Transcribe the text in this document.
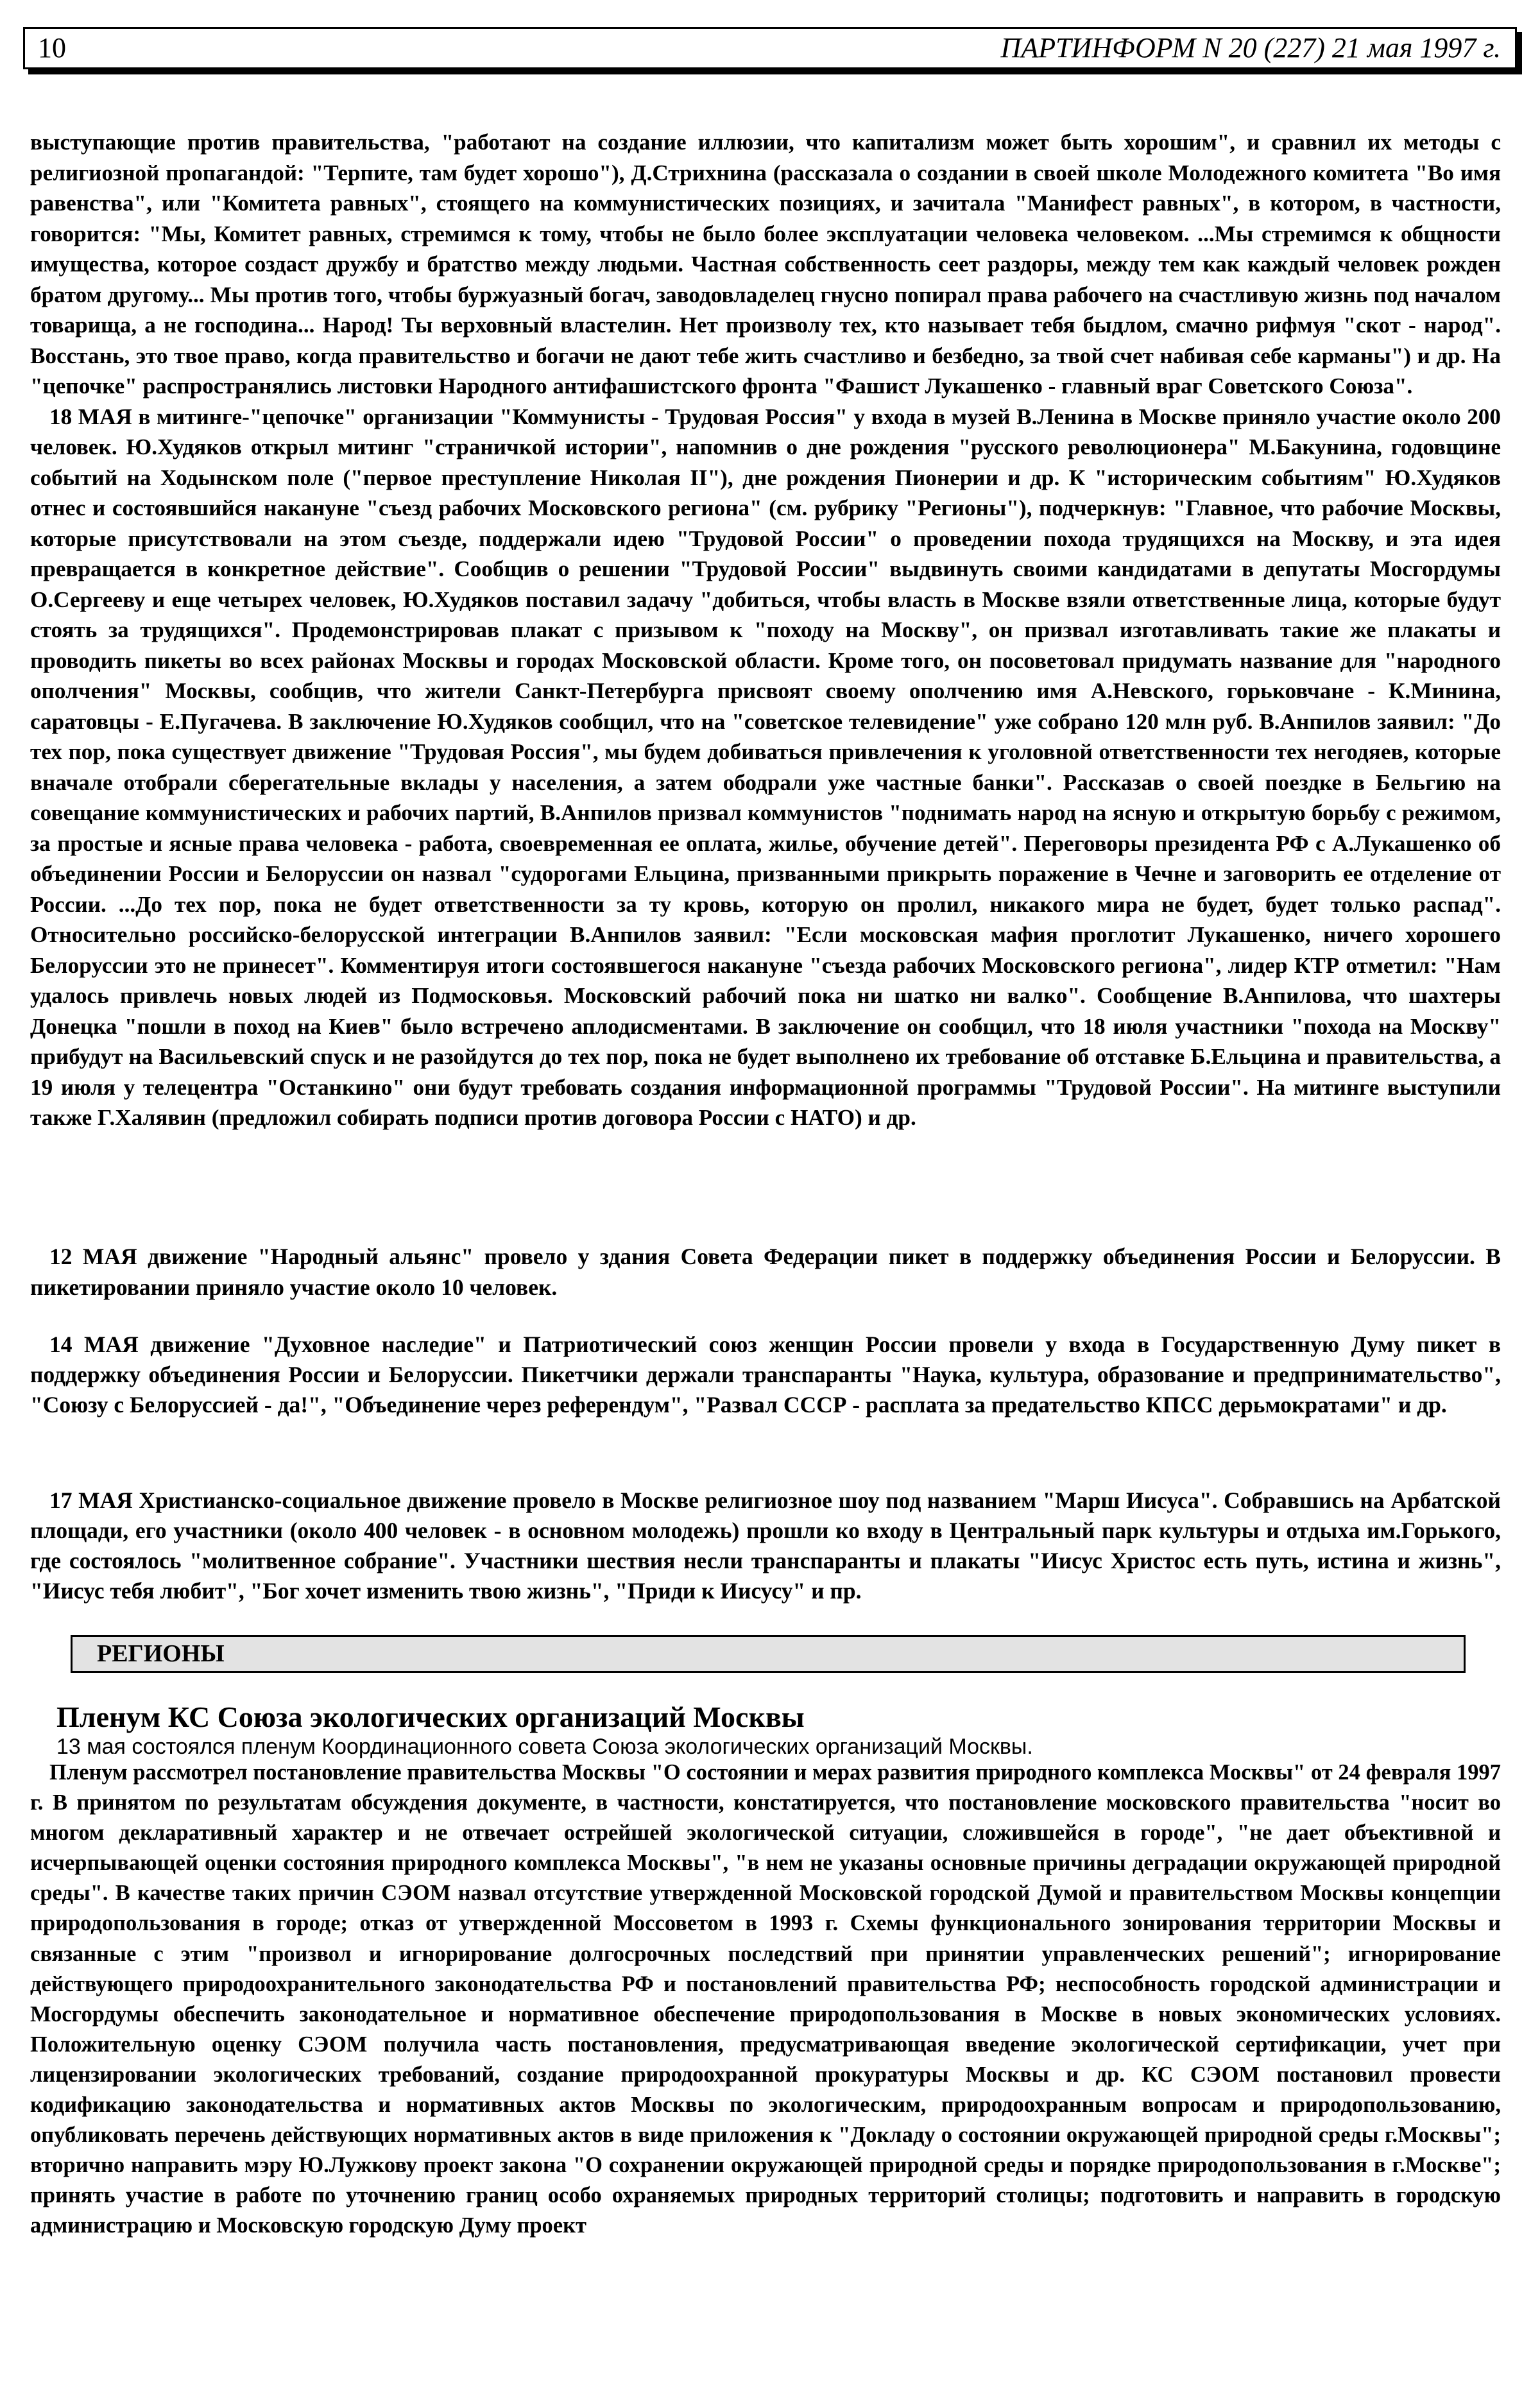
10	ПАРТИНФОРМ N 20 (227) 21 мая 1997 г.

выступающие против правительства, "работают на создание иллюзии, что капитализм может быть хорошим", и сравнил их методы с религиозной пропагандой: "Терпите, там будет хорошо"), Д.Стрихнина (рассказала о создании в своей школе Молодежного комитета "Во имя равенства", или "Комитета равных", стоящего на коммунистических позициях, и зачитала "Манифест равных", в котором, в частности, говорится: "Мы, Комитет равных, стремимся к тому, чтобы не было более эксплуатации человека человеком. ...Мы стремимся к общности имущества, которое создаст дружбу и братство между людьми. Частная собственность сеет раздоры, между тем как каждый человек рожден братом другому... Мы против того, чтобы буржуазный богач, заводовладелец гнусно попирал права рабочего на счастливую жизнь под началом товарища, а не господина... Народ! Ты верховный властелин. Нет произволу тех, кто называет тебя быдлом, смачно рифмуя "скот - народ". Восстань, это твое право, когда правительство и богачи не дают тебе жить счастливо и безбедно, за твой счет набивая себе карманы") и др. На "цепочке" распространялись листовки Народного антифашистского фронта "Фашист Лукашенко - главный враг Советского Союза".

18 МАЯ в митинге-"цепочке" организации "Коммунисты - Трудовая Россия" у входа в музей В.Ленина в Москве приняло участие около 200 человек. Ю.Худяков открыл митинг "страничкой истории", напомнив о дне рождения "русского революционера" М.Бакунина, годовщине событий на Ходынском поле ("первое преступление Николая II"), дне рождения Пионерии и др. К "историческим событиям" Ю.Худяков отнес и состоявшийся накануне "съезд рабочих Московского региона" (см. рубрику "Регионы"), подчеркнув: "Главное, что рабочие Москвы, которые присутствовали на этом съезде, поддержали идею "Трудовой России" о проведении похода трудящихся на Москву, и эта идея превращается в конкретное действие". Сообщив о решении "Трудовой России" выдвинуть своими кандидатами в депутаты Мосгордумы О.Сергееву и еще четырех человек, Ю.Худяков поставил задачу "добиться, чтобы власть в Москве взяли ответственные лица, которые будут стоять за трудящихся". Продемонстрировав плакат с призывом к "походу на Москву", он призвал изготавливать такие же плакаты и проводить пикеты во всех районах Москвы и городах Московской области. Кроме того, он посоветовал придумать название для "народного ополчения" Москвы, сообщив, что жители Санкт-Петербурга присвоят своему ополчению имя А.Невского, горьковчане - К.Минина, саратовцы - Е.Пугачева. В заключение Ю.Худяков сообщил, что на "советское телевидение" уже собрано 120 млн руб. В.Анпилов заявил: "До тех пор, пока существует движение "Трудовая Россия", мы будем добиваться привлечения к уголовной ответственности тех негодяев, которые вначале отобрали сберегательные вклады у населения, а затем ободрали уже частные банки". Рассказав о своей поездке в Бельгию на совещание коммунистических и рабочих партий, В.Анпилов призвал коммунистов "поднимать народ на ясную и открытую борьбу с режимом, за простые и ясные права человека - работа, своевременная ее оплата, жилье, обучение детей". Переговоры президента РФ с А.Лукашенко об объединении России и Белоруссии он назвал "судорогами Ельцина, призванными прикрыть поражение в Чечне и заговорить ее отделение от России. ...До тех пор, пока не будет ответственности за ту кровь, которую он пролил, никакого мира не будет, будет только распад". Относительно российско-белорусской интеграции В.Анпилов заявил: "Если московская мафия проглотит Лукашенко, ничего хорошего Белоруссии это не принесет". Комментируя итоги состоявшегося накануне "съезда рабочих Московского региона", лидер КТР отметил: "Нам удалось привлечь новых людей из Подмосковья. Московский рабочий пока ни шатко ни валко". Сообщение В.Анпилова, что шахтеры Донецка "пошли в поход на Киев" было встречено аплодисментами. В заключение он сообщил, что 18 июля участники "похода на Москву" прибудут на Васильевский спуск и не разойдутся до тех пор, пока не будет выполнено их требование об отставке Б.Ельцина и правительства, а 19 июля у телецентра "Останкино" они будут требовать создания информационной программы "Трудовой России". На митинге выступили также Г.Халявин (предложил собирать подписи против договора России с НАТО) и др.

12 МАЯ движение "Народный альянс" провело у здания Совета Федерации пикет в поддержку объединения России и Белоруссии. В пикетировании приняло участие около 10 человек.

14 МАЯ движение "Духовное наследие" и Патриотический союз женщин России провели у входа в Государственную Думу пикет в поддержку объединения России и Белоруссии. Пикетчики держали транспаранты "Наука, культура, образование и предпринимательство", "Союзу с Белоруссией - да!", "Объединение через референдум", "Развал СССР - расплата за предательство КПСС дерьмократами" и др.

17 МАЯ Христианско-социальное движение провело в Москве религиозное шоу под названием "Марш Иисуса". Собравшись на Арбатской площади, его участники (около 400 человек - в основном молодежь) прошли ко входу в Центральный парк культуры и отдыха им.Горького, где состоялось "молитвенное собрание". Участники шествия несли транспаранты и плакаты "Иисус Христос есть путь, истина и жизнь", "Иисус тебя любит", "Бог хочет изменить твою жизнь", "Приди к Иисусу" и пр.

РЕГИОНЫ
Пленум КС Союза экологических организаций Москвы
13 мая состоялся пленум Координационного совета Союза экологических организаций Москвы.

Пленум рассмотрел постановление правительства Москвы "О состоянии и мерах развития природного комплекса Москвы" от 24 февраля 1997 г. В принятом по результатам обсуждения документе, в частности, констатируется, что постановление московского правительства "носит во многом декларативный характер и не отвечает острейшей экологической ситуации, сложившейся в городе", "не дает объективной и исчерпывающей оценки состояния природного комплекса Москвы", "в нем не указаны основные причины деградации окружающей природной среды". В качестве таких причин СЭОМ назвал отсутствие утвержденной Московской городской Думой и правительством Москвы концепции природопользования в городе; отказ от утвержденной Моссоветом в 1993 г. Схемы функционального зонирования территории Москвы и связанные с этим "произвол и игнорирование долгосрочных последствий при принятии управленческих решений"; игнорирование действующего природоохранительного законодательства РФ и постановлений правительства РФ; неспособность городской администрации и Мосгордумы обеспечить законодательное и нормативное обеспечение природопользования в Москве в новых экономических условиях. Положительную оценку СЭОМ получила часть постановления, предусматривающая введение экологической сертификации, учет при лицензировании экологических требований, создание природоохранной прокуратуры Москвы и др. КС СЭОМ постановил провести кодификацию законодательства и нормативных актов Москвы по экологическим, природоохранным вопросам и природопользованию, опубликовать перечень действующих нормативных актов в виде приложения к "Докладу о состоянии окружающей природной среды г.Москвы"; вторично направить мэру Ю.Лужкову проект закона "О сохранении окружающей природной среды и порядке природопользования в г.Москве"; принять участие в работе по уточнению границ особо охраняемых природных территорий столицы; подготовить и направить в городскую администрацию и Московскую городскую Думу проект
